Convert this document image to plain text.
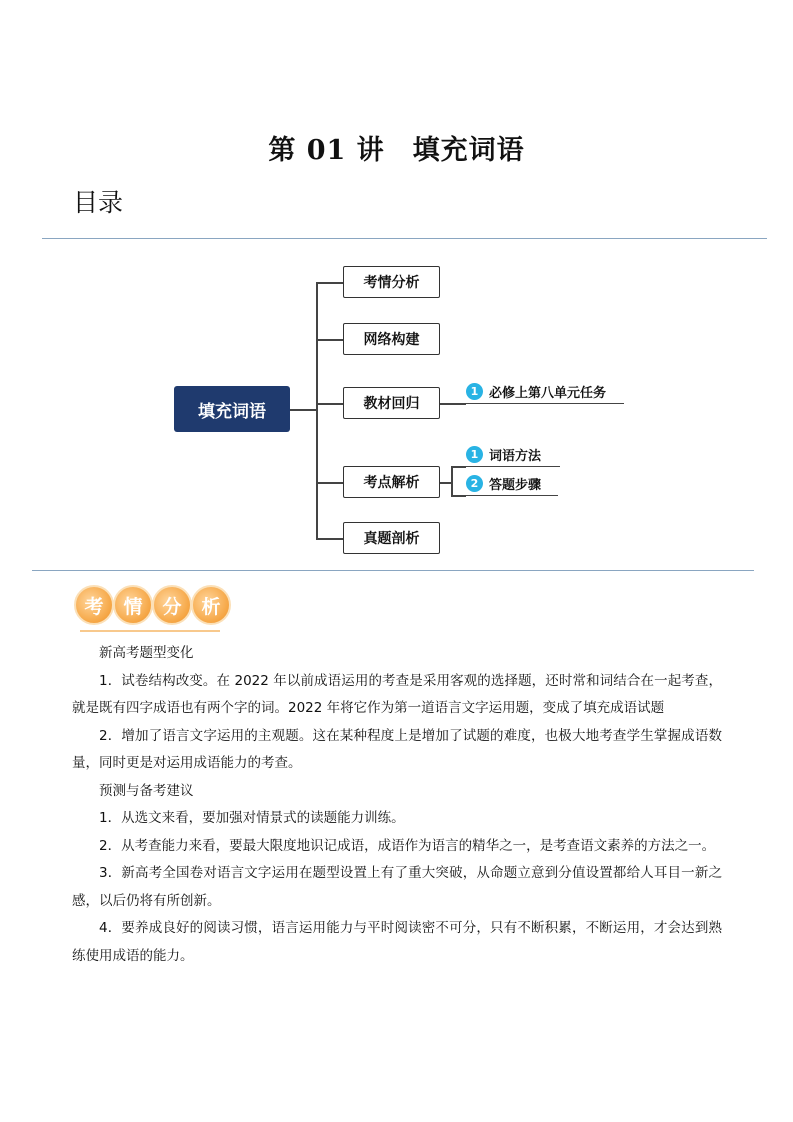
第 01 讲　填充词语
目录
填充词语
考情分析
网络构建
教材回归
考点解析
真题剖析
1 必修上第八单元任务
1 词语方法
2 答题步骤
考	情	分	析

新高考题型变化

1．试卷结构改变。在 2022 年以前成语运用的考查是采用客观的选择题，还时常和词结合在一起考查，就是既有四字成语也有两个字的词。2022 年将它作为第一道语言文字运用题，变成了填充成语试题

2．增加了语言文字运用的主观题。这在某种程度上是增加了试题的难度，也极大地考查学生掌握成语数量，同时更是对运用成语能力的考查。

预测与备考建议

1．从选文来看，要加强对情景式的读题能力训练。

2．从考查能力来看，要最大限度地识记成语，成语作为语言的精华之一，是考查语文素养的方法之一。

3．新高考全国卷对语言文字运用在题型设置上有了重大突破，从命题立意到分值设置都给人耳目一新之感，以后仍将有所创新。

4．要养成良好的阅读习惯，语言运用能力与平时阅读密不可分，只有不断积累，不断运用，才会达到熟练使用成语的能力。
